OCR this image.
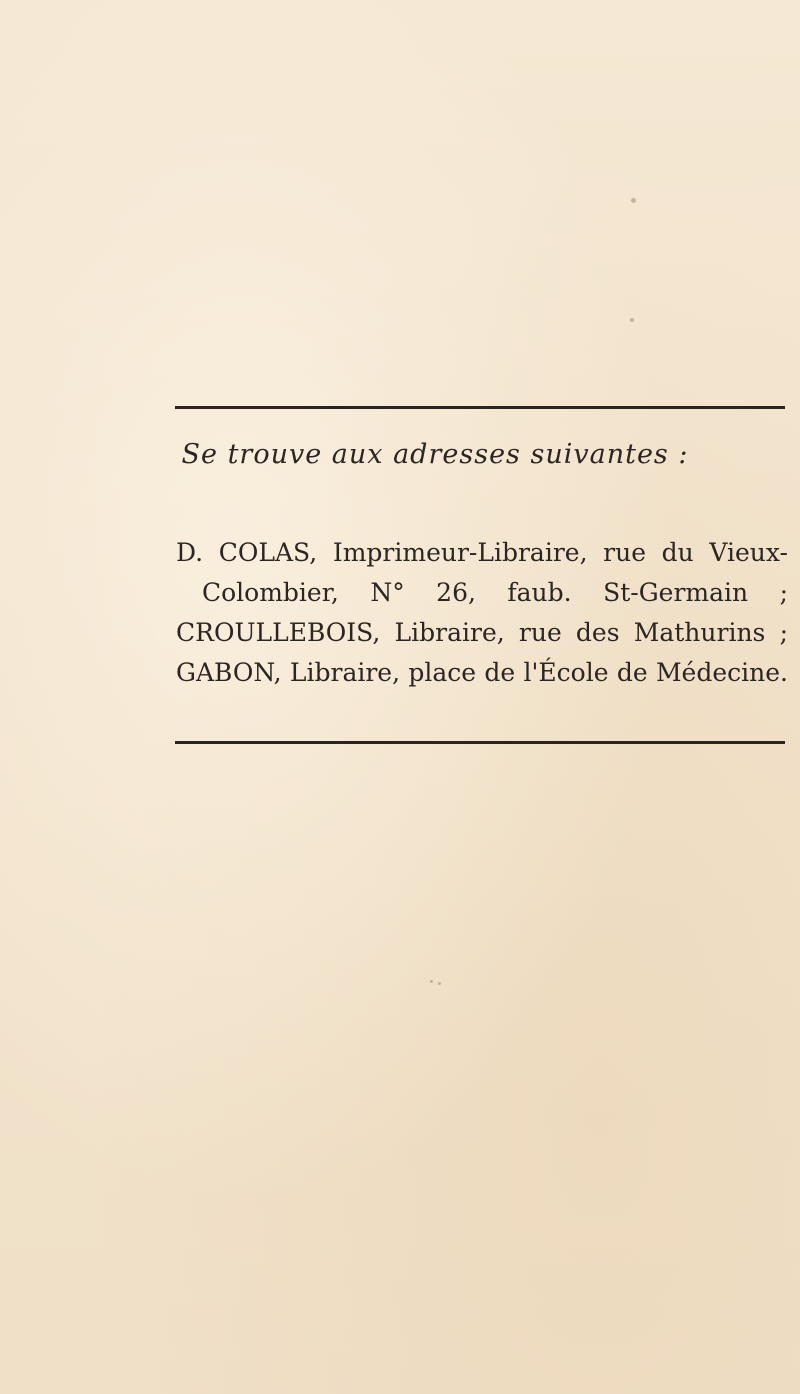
Se trouve aux adresses suivantes :

D. COLAS, Imprimeur-Libraire, rue du Vieux-
Colombier, N° 26, faub. St-Germain ;

CROULLEBOIS, Libraire, rue des Mathurins ;

GABON, Libraire, place de l'École de Médecine.
